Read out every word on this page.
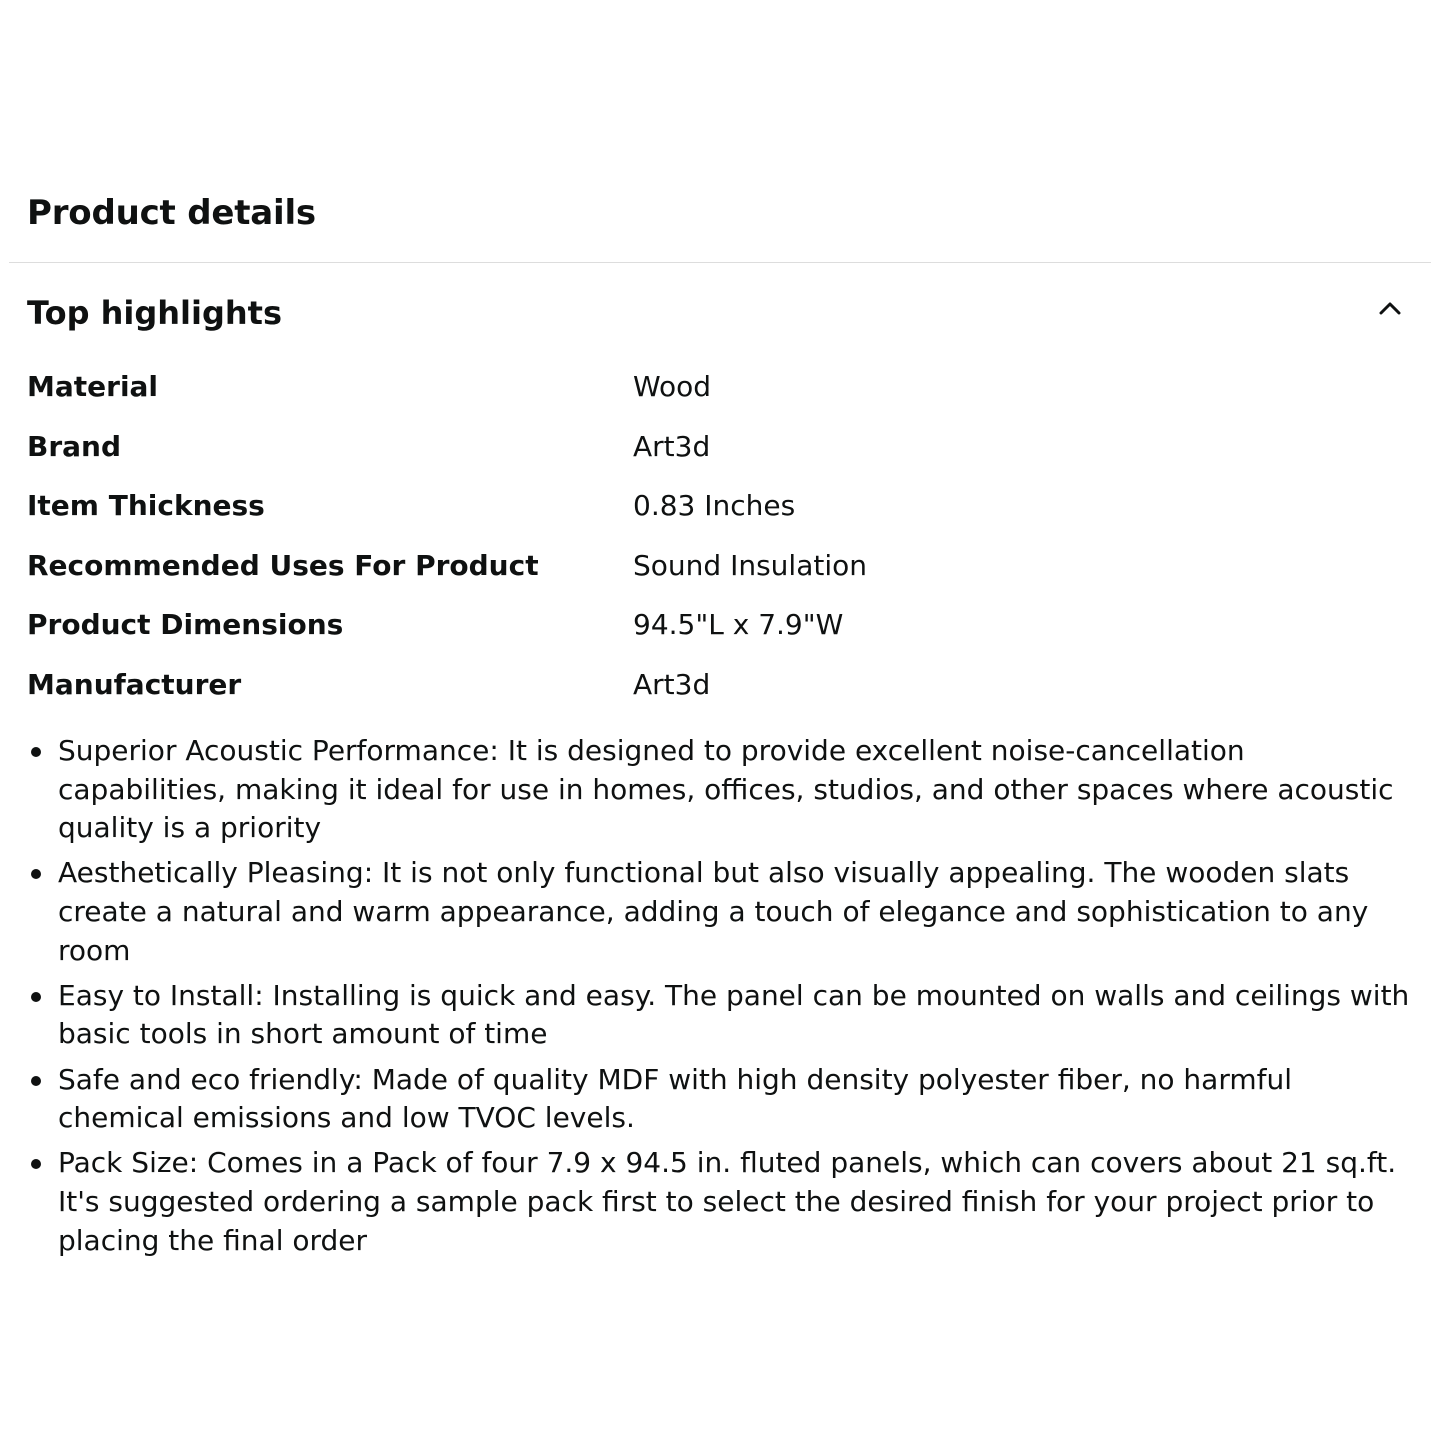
Product details
Top highlights
Material	Wood
Brand	Art3d
Item Thickness	0.83 Inches
Recommended Uses For Product	Sound Insulation
Product Dimensions	94.5"L x 7.9"W
Manufacturer	Art3d
Superior Acoustic Performance: It is designed to provide excellent noise-cancellation capabilities, making it ideal for use in homes, offices, studios, and other spaces where acoustic quality is a priority
Aesthetically Pleasing: It is not only functional but also visually appealing. The wooden slats create a natural and warm appearance, adding a touch of elegance and sophistication to any room
Easy to Install: Installing is quick and easy. The panel can be mounted on walls and ceilings with basic tools in short amount of time
Safe and eco friendly: Made of quality MDF with high density polyester fiber, no harmful chemical emissions and low TVOC levels.
Pack Size: Comes in a Pack of four 7.9 x 94.5 in. fluted panels, which can covers about 21 sq.ft. It's suggested ordering a sample pack first to select the desired finish for your project prior to placing the final order
